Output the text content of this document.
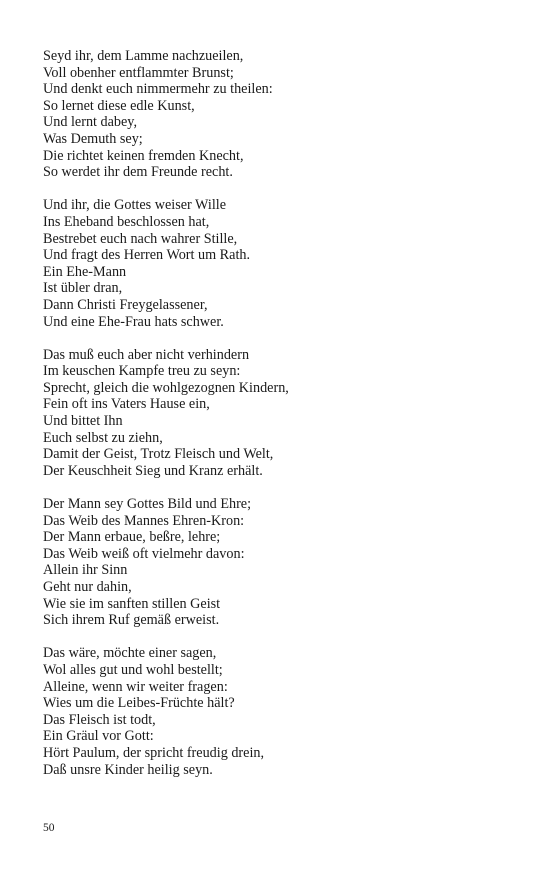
Seyd ihr, dem Lamme nachzueilen,
Voll obenher entflammter Brunst;
Und denkt euch nimmermehr zu theilen:
So lernet diese edle Kunst,
Und lernt dabey,
Was Demuth sey;
Die richtet keinen fremden Knecht,
So werdet ihr dem Freunde recht.
Und ihr, die Gottes weiser Wille
Ins Eheband beschlossen hat,
Bestrebet euch nach wahrer Stille,
Und fragt des Herren Wort um Rath.
Ein Ehe-Mann
Ist übler dran,
Dann Christi Freygelassener,
Und eine Ehe-Frau hats schwer.
Das muß euch aber nicht verhindern
Im keuschen Kampfe treu zu seyn:
Sprecht, gleich die wohlgezognen Kindern,
Fein oft ins Vaters Hause ein,
Und bittet Ihn
Euch selbst zu ziehn,
Damit der Geist, Trotz Fleisch und Welt,
Der Keuschheit Sieg und Kranz erhält.
Der Mann sey Gottes Bild und Ehre;
Das Weib des Mannes Ehren-Kron:
Der Mann erbaue, beßre, lehre;
Das Weib weiß oft vielmehr davon:
Allein ihr Sinn
Geht nur dahin,
Wie sie im sanften stillen Geist
Sich ihrem Ruf gemäß erweist.
Das wäre, möchte einer sagen,
Wol alles gut und wohl bestellt;
Alleine, wenn wir weiter fragen:
Wies um die Leibes-Früchte hält?
Das Fleisch ist todt,
Ein Gräul vor Gott:
Hört Paulum, der spricht freudig drein,
Daß unsre Kinder heilig seyn.
50
